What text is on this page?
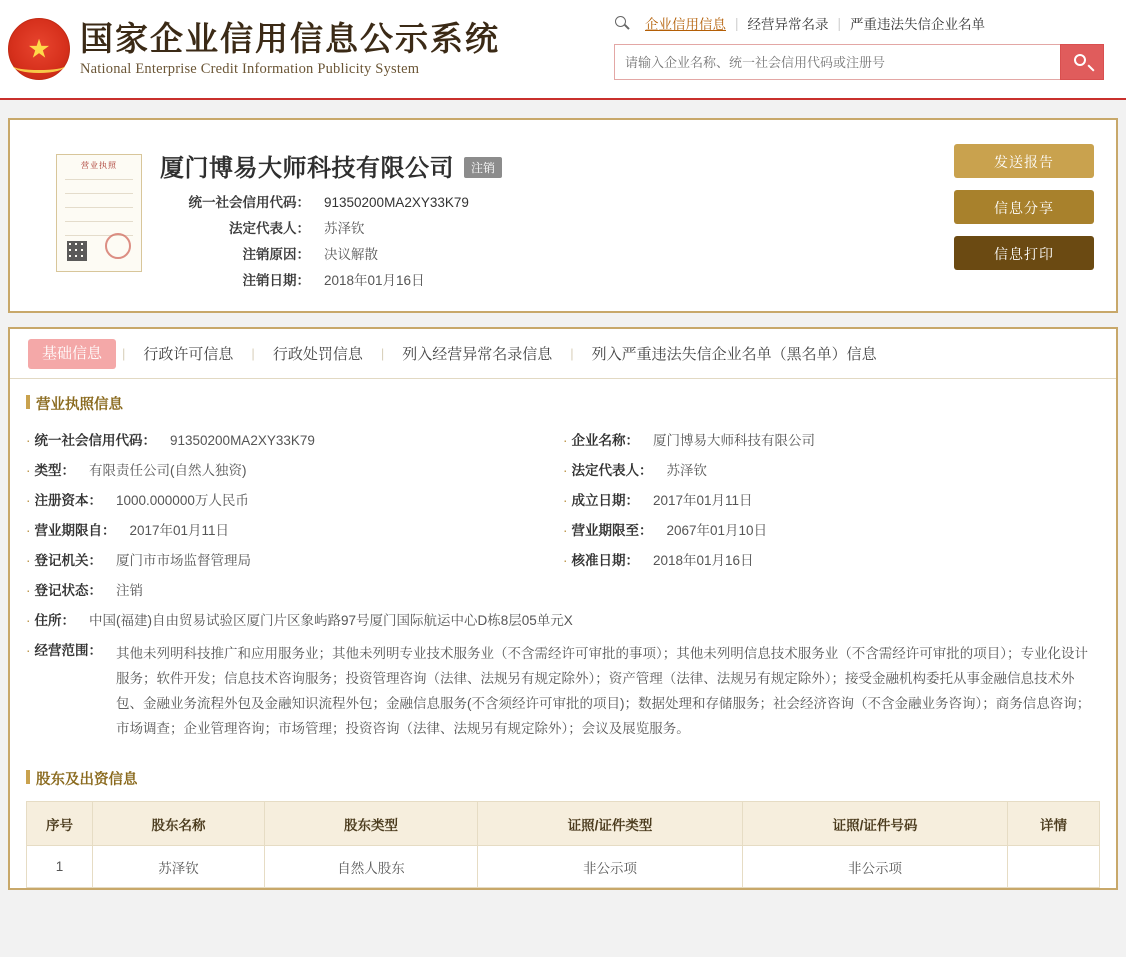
★
国家企业信用信息公示系统
National Enterprise Credit Information Publicity System
企业信用信息 | 经营异常名录 | 严重违法失信企业名单
请输入企业名称、统一社会信用代码或注册号
营业执照	厦门博易大师科技有限公司	注销
统一社会信用代码：	91350200MA2XY33K79
法定代表人：	苏泽钦
注销原因：	决议解散
注销日期：	2018年01月16日
发送报告
信息分享
信息打印
基础信息	|	行政许可信息	|	行政处罚信息	|	列入经营异常名录信息	|	列入严重违法失信企业名单（黑名单）信息
营业执照信息
· 统一社会信用代码：	91350200MA2XY33K79	· 企业名称：	厦门博易大师科技有限公司
· 类型：	有限责任公司(自然人独资)	· 法定代表人：	苏泽钦
· 注册资本：	1000.000000万人民币	· 成立日期：	2017年01月11日
· 营业期限自：	2017年01月11日	· 营业期限至：	2067年01月10日
· 登记机关：	厦门市市场监督管理局	· 核准日期：	2018年01月16日
· 登记状态：	注销
· 住所：	中国(福建)自由贸易试验区厦门片区象屿路97号厦门国际航运中心D栋8层05单元X
· 经营范围：	其他未列明科技推广和应用服务业；其他未列明专业技术服务业（不含需经许可审批的事项）；其他未列明信息技术服务业（不含需经许可审批的项目）；专业化设计服务；软件开发；信息技术咨询服务；投资管理咨询（法律、法规另有规定除外）；资产管理（法律、法规另有规定除外）；接受金融机构委托从事金融信息技术外包、金融业务流程外包及金融知识流程外包；金融信息服务(不含须经许可审批的项目)；数据处理和存储服务；社会经济咨询（不含金融业务咨询）；商务信息咨询；市场调查；企业管理咨询；市场管理；投资咨询（法律、法规另有规定除外）；会议及展览服务。
股东及出资信息
序号	股东名称	股东类型	证照/证件类型	证照/证件号码	详情
1	苏泽钦	自然人股东	非公示项	非公示项	
